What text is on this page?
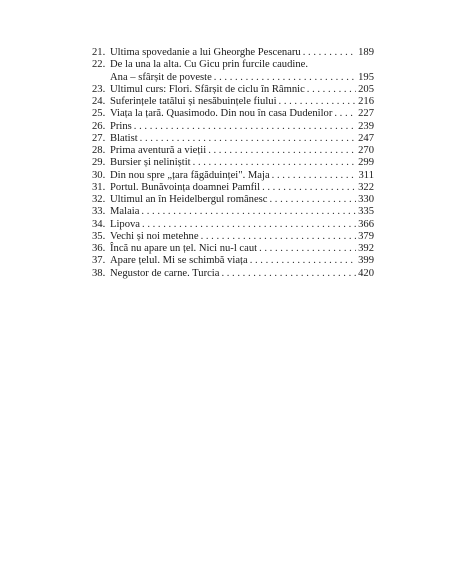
21. Ultima spovedanie a lui Gheorghe Pescenaru . . .	189
22. De la una la alta. Cu Gicu prin furcile caudine.
Ana – sfârșit de poveste . . .	195
23. Ultimul curs: Flori. Sfârșit de ciclu în Râmnic . . .	205
24. Suferințele tatălui și nesăbuințele fiului . . .	216
25. Viața la țară. Quasimodo. Din nou în casa Dudenilor . . . 227
26. Prins . . .	239
27. Blatist . . .	247
28. Prima aventură a vieții . . .	270
29. Bursier și neliniștit . . .	299
30. Din nou spre „țara făgăduinței". Maja . . .	311
31. Portul. Bunăvoința doamnei Pamfil . . .	322
32. Ultimul an în Heidelbergul românesc . . .	330
33. Malaia . . .	335
34. Lipova . . .	366
35. Vechi și noi metehne . . .	379
36. Încă nu apare un țel. Nici nu-l caut . . .	392
37. Apare țelul. Mi se schimbă viața . . .	399
38. Negustor de carne. Turcia . . .	420
